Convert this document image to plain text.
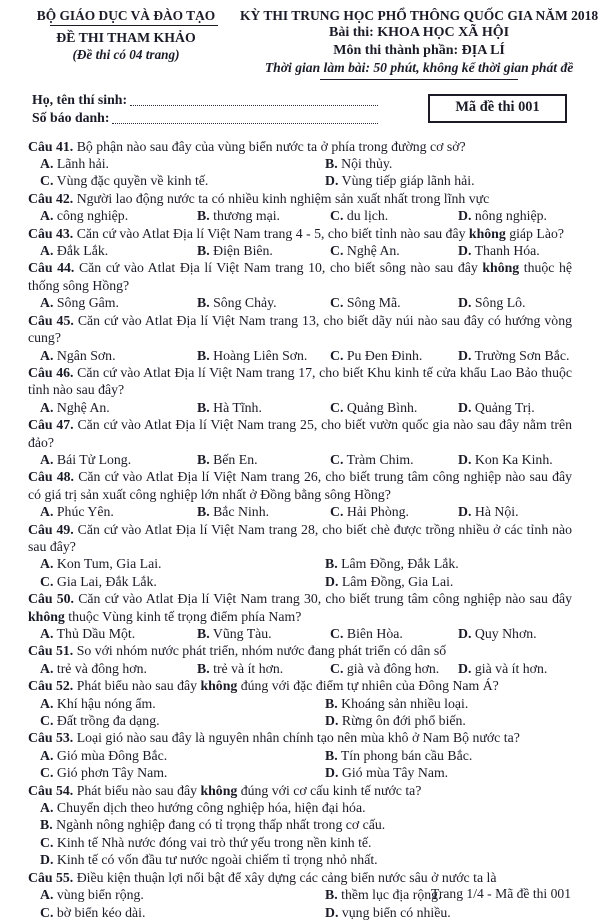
BỘ GIÁO DỤC VÀ ĐÀO TẠO
ĐỀ THI THAM KHẢO
(Đề thi có 04 trang)
KỲ THI TRUNG HỌC PHỔ THÔNG QUỐC GIA NĂM 2018
Bài thi: KHOA HỌC XÃ HỘI
Môn thi thành phần: ĐỊA LÍ
Thời gian làm bài: 50 phút, không kể thời gian phát đề
Họ, tên thí sinh:
Số báo danh:
Mã đề thi 001

Câu 41. Bộ phận nào sau đây của vùng biển nước ta ở phía trong đường cơ sở?

A. Lãnh hải.	B. Nội thủy.
C. Vùng đặc quyền về kinh tế.	D. Vùng tiếp giáp lãnh hải.

Câu 42. Người lao động nước ta có nhiều kinh nghiệm sản xuất nhất trong lĩnh vực

A. công nghiệp.	B. thương mại.	C. du lịch.	D. nông nghiệp.

Câu 43. Căn cứ vào Atlat Địa lí Việt Nam trang 4 - 5, cho biết tỉnh nào sau đây không giáp Lào?

A. Đắk Lắk.	B. Điện Biên.	C. Nghệ An.	D. Thanh Hóa.

Câu 44. Căn cứ vào Atlat Địa lí Việt Nam trang 10, cho biết sông nào sau đây không thuộc hệ thống sông Hồng?

A. Sông Gâm.	B. Sông Chảy.	C. Sông Mã.	D. Sông Lô.

Câu 45. Căn cứ vào Atlat Địa lí Việt Nam trang 13, cho biết dãy núi nào sau đây có hướng vòng cung?

A. Ngân Sơn.	B. Hoàng Liên Sơn.	C. Pu Đen Đinh.	D. Trường Sơn Bắc.

Câu 46. Căn cứ vào Atlat Địa lí Việt Nam trang 17, cho biết Khu kinh tế cửa khẩu Lao Bảo thuộc tỉnh nào sau đây?

A. Nghệ An.	B. Hà Tĩnh.	C. Quảng Bình.	D. Quảng Trị.

Câu 47. Căn cứ vào Atlat Địa lí Việt Nam trang 25, cho biết vườn quốc gia nào sau đây nằm trên đảo?

A. Bái Tử Long.	B. Bến En.	C. Tràm Chim.	D. Kon Ka Kinh.

Câu 48. Căn cứ vào Atlat Địa lí Việt Nam trang 26, cho biết trung tâm công nghiệp nào sau đây có giá trị sản xuất công nghiệp lớn nhất ở Đồng bằng sông Hồng?

A. Phúc Yên.	B. Bắc Ninh.	C. Hải Phòng.	D. Hà Nội.

Câu 49. Căn cứ vào Atlat Địa lí Việt Nam trang 28, cho biết chè được trồng nhiều ở các tỉnh nào sau đây?

A. Kon Tum, Gia Lai.	B. Lâm Đồng, Đắk Lắk.
C. Gia Lai, Đắk Lắk.	D. Lâm Đồng, Gia Lai.

Câu 50. Căn cứ vào Atlat Địa lí Việt Nam trang 30, cho biết trung tâm công nghiệp nào sau đây không thuộc Vùng kinh tế trọng điểm phía Nam?

A. Thủ Dầu Một.	B. Vũng Tàu.	C. Biên Hòa.	D. Quy Nhơn.

Câu 51. So với nhóm nước phát triển, nhóm nước đang phát triển có dân số

A. trẻ và đông hơn.	B. trẻ và ít hơn.	C. già và đông hơn.	D. già và ít hơn.

Câu 52. Phát biểu nào sau đây không đúng với đặc điểm tự nhiên của Đông Nam Á?

A. Khí hậu nóng ẩm.	B. Khoáng sản nhiều loại.
C. Đất trồng đa dạng.	D. Rừng ôn đới phổ biến.

Câu 53. Loại gió nào sau đây là nguyên nhân chính tạo nên mùa khô ở Nam Bộ nước ta?

A. Gió mùa Đông Bắc.	B. Tín phong bán cầu Bắc.
C. Gió phơn Tây Nam.	D. Gió mùa Tây Nam.

Câu 54. Phát biểu nào sau đây không đúng với cơ cấu kinh tế nước ta?

A. Chuyển dịch theo hướng công nghiệp hóa, hiện đại hóa.
B. Ngành nông nghiệp đang có tỉ trọng thấp nhất trong cơ cấu.
C. Kinh tế Nhà nước đóng vai trò thứ yếu trong nền kinh tế.
D. Kinh tế có vốn đầu tư nước ngoài chiếm tỉ trọng nhỏ nhất.

Câu 55. Điều kiện thuận lợi nổi bật để xây dựng các cảng biển nước sâu ở nước ta là

A. vùng biển rộng.	B. thềm lục địa rộng.
C. bờ biển kéo dài.	D. vụng biển có nhiều.
Trang 1/4 - Mã đề thi 001
